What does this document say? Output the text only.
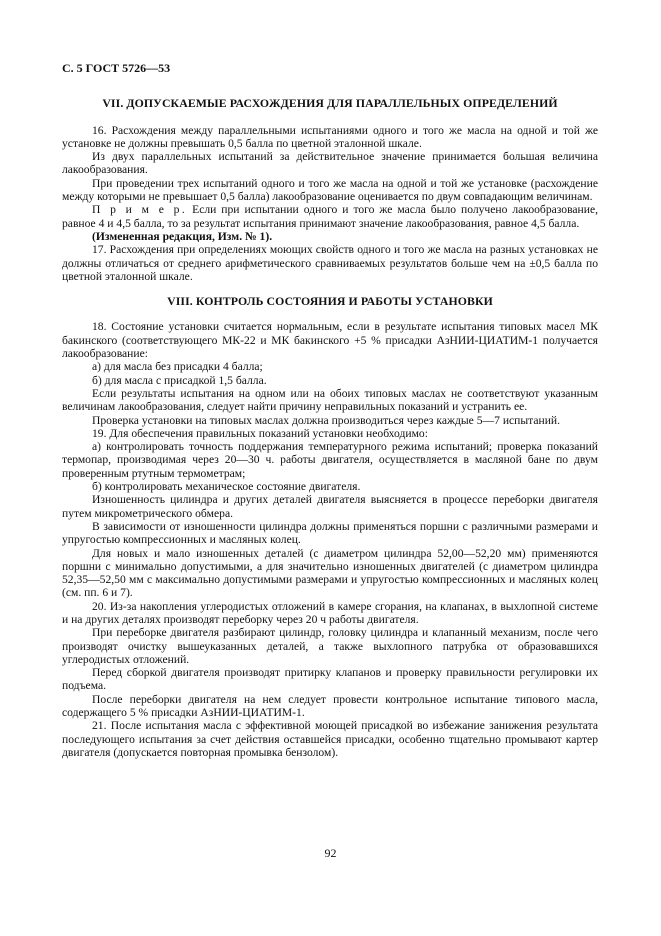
С. 5 ГОСТ 5726—53
VII. ДОПУСКАЕМЫЕ РАСХОЖДЕНИЯ ДЛЯ ПАРАЛЛЕЛЬНЫХ ОПРЕДЕЛЕНИЙ

16. Расхождения между параллельными испытаниями одного и того же масла на одной и той же установке не должны превышать 0,5 балла по цветной эталонной шкале.

Из двух параллельных испытаний за действительное значение принимается большая величина лакообразования.

При проведении трех испытаний одного и того же масла на одной и той же установке (расхождение между которыми не превышает 0,5 балла) лакообразование оценивается по двум совпадающим величинам.

П р и м е р. Если при испытании одного и того же масла было получено лакообразование, равное 4 и 4,5 балла, то за результат испытания принимают значение лакообразования, равное 4,5 балла.

(Измененная редакция, Изм. № 1).

17. Расхождения при определениях моющих свойств одного и того же масла на разных установках не должны отличаться от среднего арифметического сравниваемых результатов больше чем на ±0,5 балла по цветной эталонной шкале.

VIII. КОНТРОЛЬ СОСТОЯНИЯ И РАБОТЫ УСТАНОВКИ

18. Состояние установки считается нормальным, если в результате испытания типовых масел МК бакинского (соответствующего МК-22 и МК бакинского +5 % присадки АзНИИ-ЦИАТИМ-1 получается лакообразование:

а) для масла без присадки 4 балла;

б) для масла с присадкой 1,5 балла.

Если результаты испытания на одном или на обоих типовых маслах не соответствуют указанным величинам лакообразования, следует найти причину неправильных показаний и устранить ее.

Проверка установки на типовых маслах должна производиться через каждые 5—7 испытаний.

19. Для обеспечения правильных показаний установки необходимо:

а) контролировать точность поддержания температурного режима испытаний; проверка показаний термопар, производимая через 20—30 ч. работы двигателя, осуществляется в масляной бане по двум проверенным ртутным термометрам;

б) контролировать механическое состояние двигателя.

Изношенность цилиндра и других деталей двигателя выясняется в процессе переборки двигателя путем микрометрического обмера.

В зависимости от изношенности цилиндра должны применяться поршни с различными размерами и упругостью компрессионных и масляных колец.

Для новых и мало изношенных деталей (с диаметром цилиндра 52,00—52,20 мм) применяются поршни с минимально допустимыми, а для значительно изношенных двигателей (с диаметром цилиндра 52,35—52,50 мм с максимально допустимыми размерами и упругостью компрессионных и масляных колец (см. пп. 6 и 7).

20. Из-за накопления углеродистых отложений в камере сгорания, на клапанах, в выхлопной системе и на других деталях производят переборку через 20 ч работы двигателя.

При переборке двигателя разбирают цилиндр, головку цилиндра и клапанный механизм, после чего производят очистку вышеуказанных деталей, а также выхлопного патрубка от образовавшихся углеродистых отложений.

Перед сборкой двигателя производят притирку клапанов и проверку правильности регулировки их подъема.

После переборки двигателя на нем следует провести контрольное испытание типового масла, содержащего 5 % присадки АзНИИ-ЦИАТИМ-1.

21. После испытания масла с эффективной моющей присадкой во избежание занижения результата последующего испытания за счет действия оставшейся присадки, особенно тщательно промывают картер двигателя (допускается повторная промывка бензолом).

92
